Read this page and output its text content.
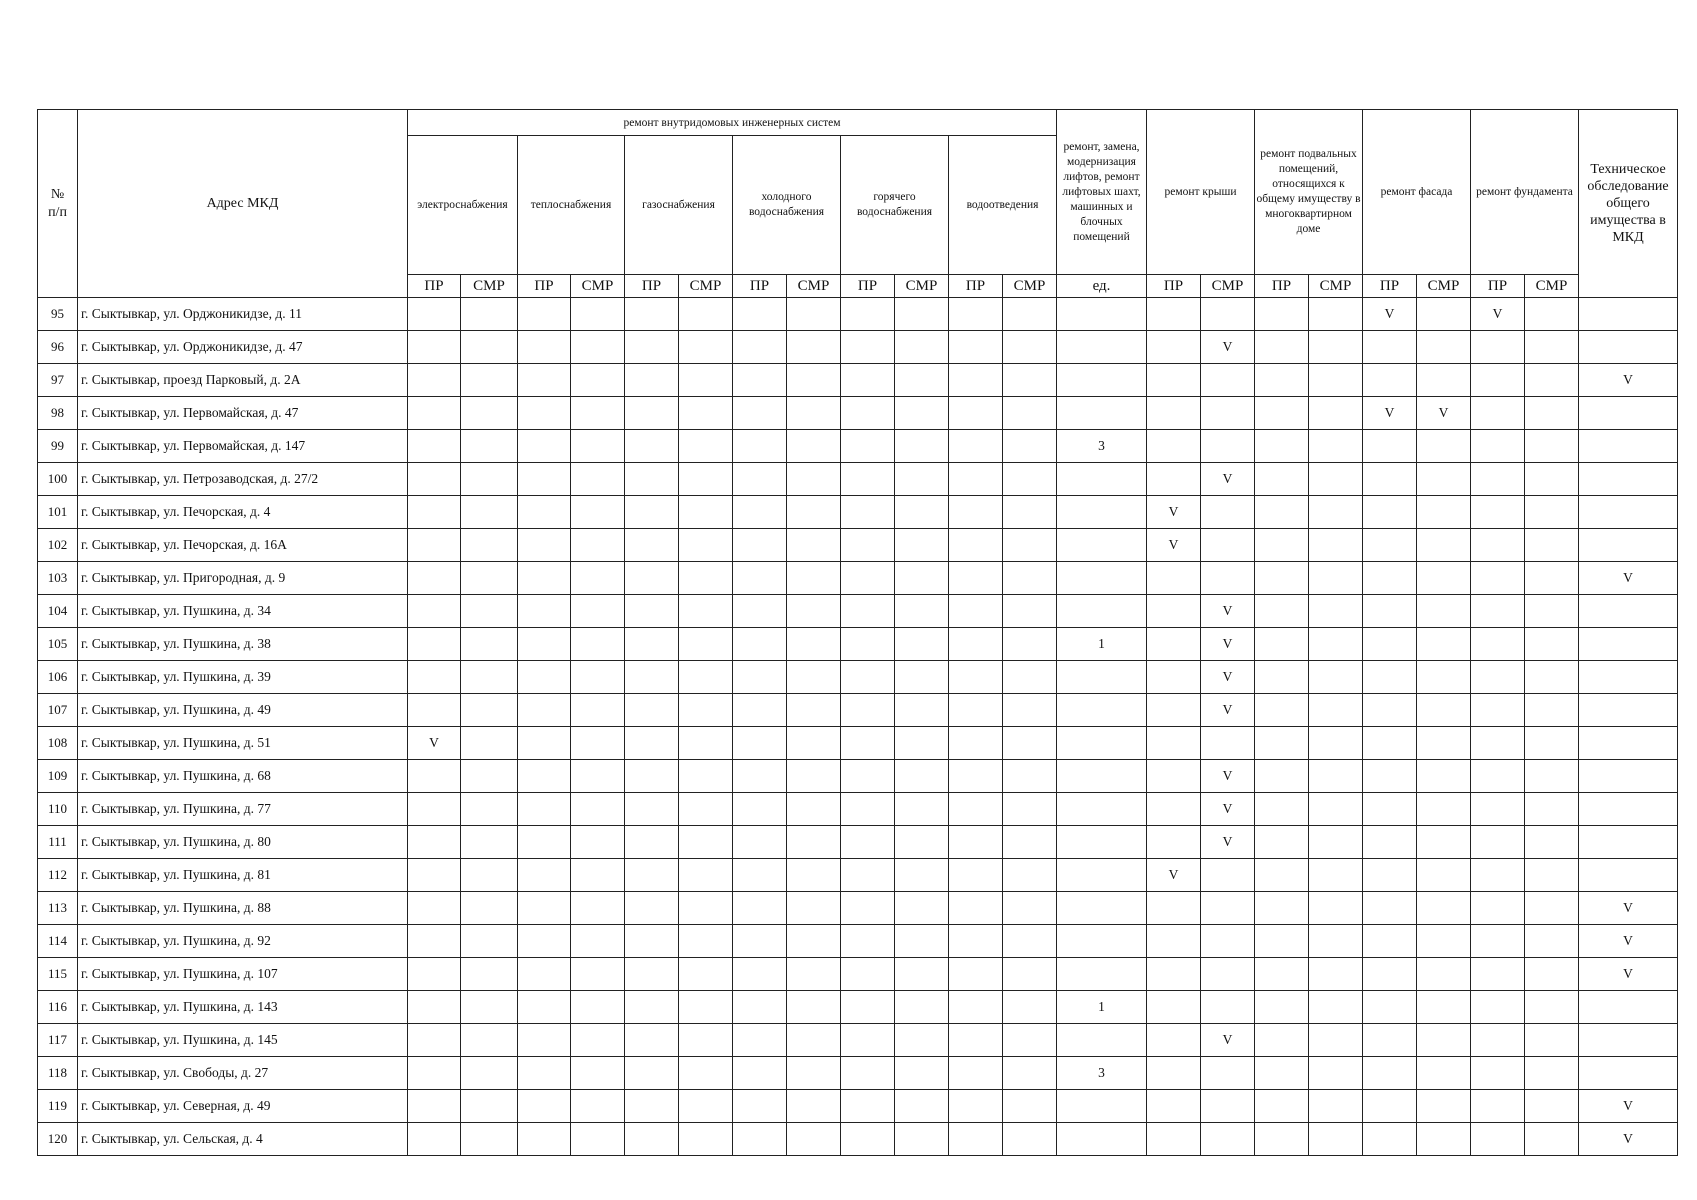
№
п/п	Адрес МКД	ремонт внутридомовых инженерных систем												ремонт, замена, модернизация лифтов, ремонт лифтовых шахт, машинных и блочных помещений	ремонт крыши		ремонт подвальных помещений, относящихся к общему имуществу в многоквартирном доме		ремонт фасада		ремонт фундамента		Техническое обследование общего имущества в МКД
		электроснабжения		теплоснабжения		газоснабжения		холодного водоснабжения		горячего водоснабжения		водоотведения											
		ПР	СМР	ПР	СМР	ПР	СМР	ПР	СМР	ПР	СМР	ПР	СМР	ед.	ПР	СМР	ПР	СМР	ПР	СМР	ПР	СМР	
95	г. Сыктывкар, ул. Орджоникидзе, д. 11																		V		V		
96	г. Сыктывкар, ул. Орджоникидзе, д. 47															V							
97	г. Сыктывкар, проезд Парковый, д. 2А																						V
98	г. Сыктывкар, ул. Первомайская, д. 47																		V	V			
99	г. Сыктывкар, ул. Первомайская, д. 147													3									
100	г. Сыктывкар, ул. Петрозаводская, д. 27/2															V							
101	г. Сыктывкар, ул. Печорская, д. 4														V								
102	г. Сыктывкар, ул. Печорская, д. 16А														V								
103	г. Сыктывкар, ул. Пригородная, д. 9																						V
104	г. Сыктывкар, ул. Пушкина, д. 34															V							
105	г. Сыктывкар, ул. Пушкина, д. 38													1		V							
106	г. Сыктывкар, ул. Пушкина, д. 39															V							
107	г. Сыктывкар, ул. Пушкина, д. 49															V							
108	г. Сыктывкар, ул. Пушкина, д. 51	V																					
109	г. Сыктывкар, ул. Пушкина, д. 68															V							
110	г. Сыктывкар, ул. Пушкина, д. 77															V							
111	г. Сыктывкар, ул. Пушкина, д. 80															V							
112	г. Сыктывкар, ул. Пушкина, д. 81														V								
113	г. Сыктывкар, ул. Пушкина, д. 88																						V
114	г. Сыктывкар, ул. Пушкина, д. 92																						V
115	г. Сыктывкар, ул. Пушкина, д. 107																						V
116	г. Сыктывкар, ул. Пушкина, д. 143													1									
117	г. Сыктывкар, ул. Пушкина, д. 145															V							
118	г. Сыктывкар, ул. Свободы, д. 27													3									
119	г. Сыктывкар, ул. Северная, д. 49																						V
120	г. Сыктывкар, ул. Сельская, д. 4																						V
